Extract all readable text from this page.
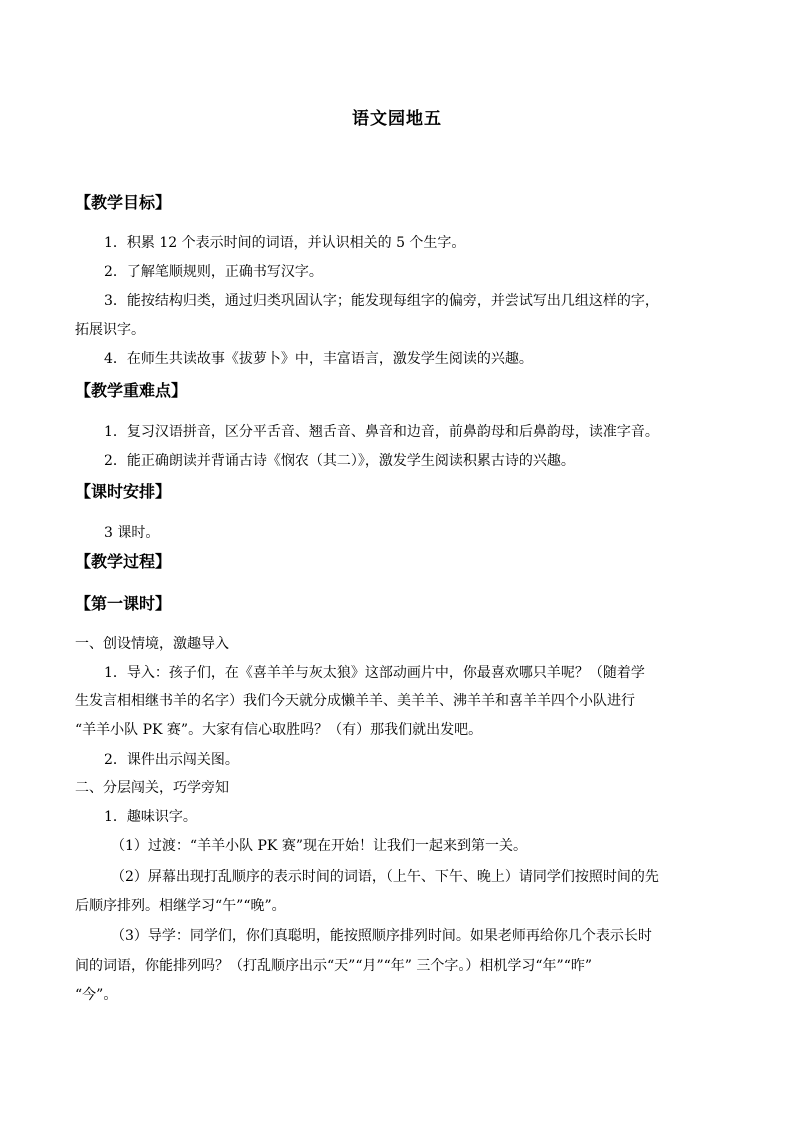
语文园地五
【教学目标】
1．积累 12 个表示时间的词语，并认识相关的 5 个生字。
2．了解笔顺规则，正确书写汉字。
3．能按结构归类，通过归类巩固认字；能发现每组字的偏旁，并尝试写出几组这样的字，
拓展识字。
4．在师生共读故事《拔萝卜》中，丰富语言，激发学生阅读的兴趣。
【教学重难点】
1．复习汉语拼音，区分平舌音、翘舌音、鼻音和边音，前鼻韵母和后鼻韵母，读准字音。
2．能正确朗读并背诵古诗《悯农（其二）》，激发学生阅读积累古诗的兴趣。
【课时安排】
3 课时。
【教学过程】
【第一课时】
一、创设情境，激趣导入
1．导入：孩子们，在《喜羊羊与灰太狼》这部动画片中，你最喜欢哪只羊呢？（随着学
生发言相相继书羊的名字）我们今天就分成懒羊羊、美羊羊、沸羊羊和喜羊羊四个小队进行
“羊羊小队 PK 赛”。大家有信心取胜吗？（有）那我们就出发吧。
2．课件出示闯关图。
二、分层闯关，巧学旁知
1．趣味识字。
（1）过渡：“羊羊小队 PK 赛”现在开始！让我们一起来到第一关。
（2）屏幕出现打乱顺序的表示时间的词语，（上午、下午、晚上）请同学们按照时间的先
后顺序排列。相继学习“午”“晚”。
（3）导学：同学们，你们真聪明，能按照顺序排列时间。如果老师再给你几个表示长时
间的词语，你能排列吗？（打乱顺序出示“天”“月”“年” 三个字。）相机学习“年”“昨”
“今”。
